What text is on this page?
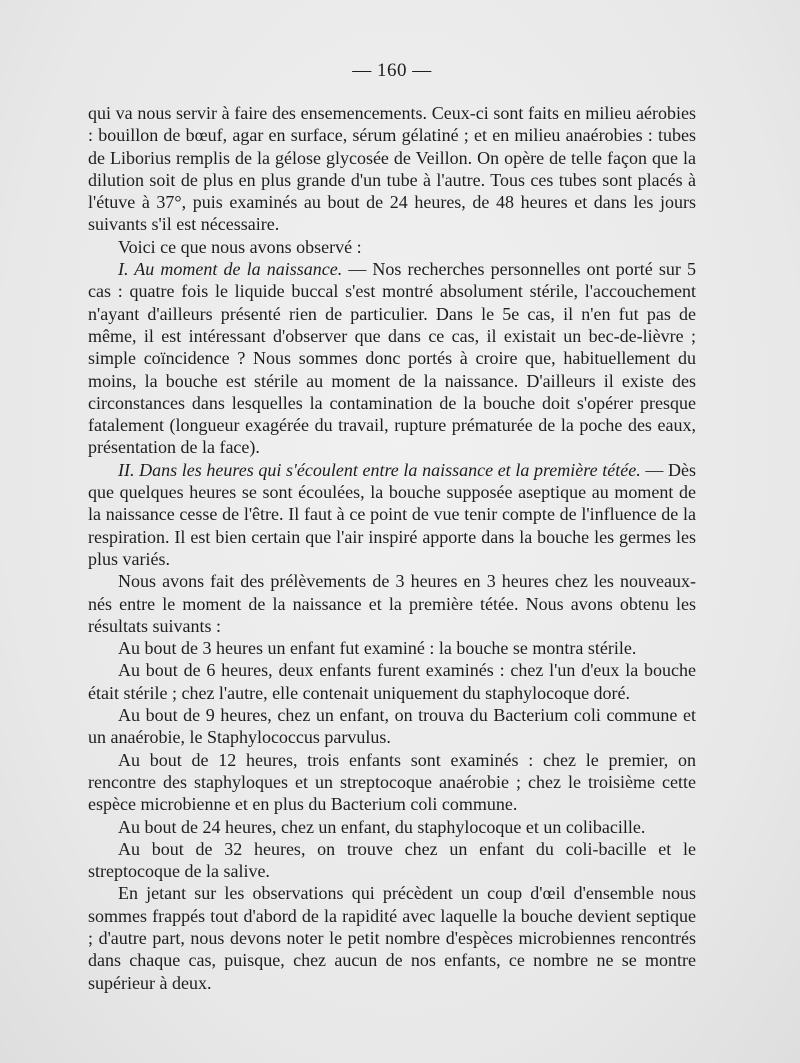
— 160 —

qui va nous servir à faire des ensemencements. Ceux-ci sont faits en milieu aérobies : bouillon de bœuf, agar en surface, sérum gélatiné ; et en milieu anaérobies : tubes de Liborius remplis de la gélose glycosée de Veillon. On opère de telle façon que la dilution soit de plus en plus grande d'un tube à l'autre. Tous ces tubes sont placés à l'étuve à 37°, puis examinés au bout de 24 heures, de 48 heures et dans les jours suivants s'il est nécessaire.

Voici ce que nous avons observé :

I. Au moment de la naissance. — Nos recherches personnelles ont porté sur 5 cas : quatre fois le liquide buccal s'est montré absolument stérile, l'accouchement n'ayant d'ailleurs présenté rien de particulier. Dans le 5e cas, il n'en fut pas de même, il est intéressant d'observer que dans ce cas, il existait un bec-de-lièvre ; simple coïncidence ? Nous sommes donc portés à croire que, habituellement du moins, la bouche est stérile au moment de la naissance. D'ailleurs il existe des circonstances dans lesquelles la contamination de la bouche doit s'opérer presque fatalement (longueur exagérée du travail, rupture prématurée de la poche des eaux, présentation de la face).

II. Dans les heures qui s'écoulent entre la naissance et la première tétée. — Dès que quelques heures se sont écoulées, la bouche supposée aseptique au moment de la naissance cesse de l'être. Il faut à ce point de vue tenir compte de l'influence de la respiration. Il est bien certain que l'air inspiré apporte dans la bouche les germes les plus variés.

Nous avons fait des prélèvements de 3 heures en 3 heures chez les nouveaux-nés entre le moment de la naissance et la première tétée. Nous avons obtenu les résultats suivants :

Au bout de 3 heures un enfant fut examiné : la bouche se montra stérile.

Au bout de 6 heures, deux enfants furent examinés : chez l'un d'eux la bouche était stérile ; chez l'autre, elle contenait uniquement du staphylocoque doré.

Au bout de 9 heures, chez un enfant, on trouva du Bacterium coli commune et un anaérobie, le Staphylococcus parvulus.

Au bout de 12 heures, trois enfants sont examinés : chez le premier, on rencontre des staphyloques et un streptocoque anaérobie ; chez le troisième cette espèce microbienne et en plus du Bacterium coli commune.

Au bout de 24 heures, chez un enfant, du staphylocoque et un colibacille.

Au bout de 32 heures, on trouve chez un enfant du coli-bacille et le streptocoque de la salive.

En jetant sur les observations qui précèdent un coup d'œil d'ensemble nous sommes frappés tout d'abord de la rapidité avec laquelle la bouche devient septique ; d'autre part, nous devons noter le petit nombre d'espèces microbiennes rencontrés dans chaque cas, puisque, chez aucun de nos enfants, ce nombre ne se montre supérieur à deux.
